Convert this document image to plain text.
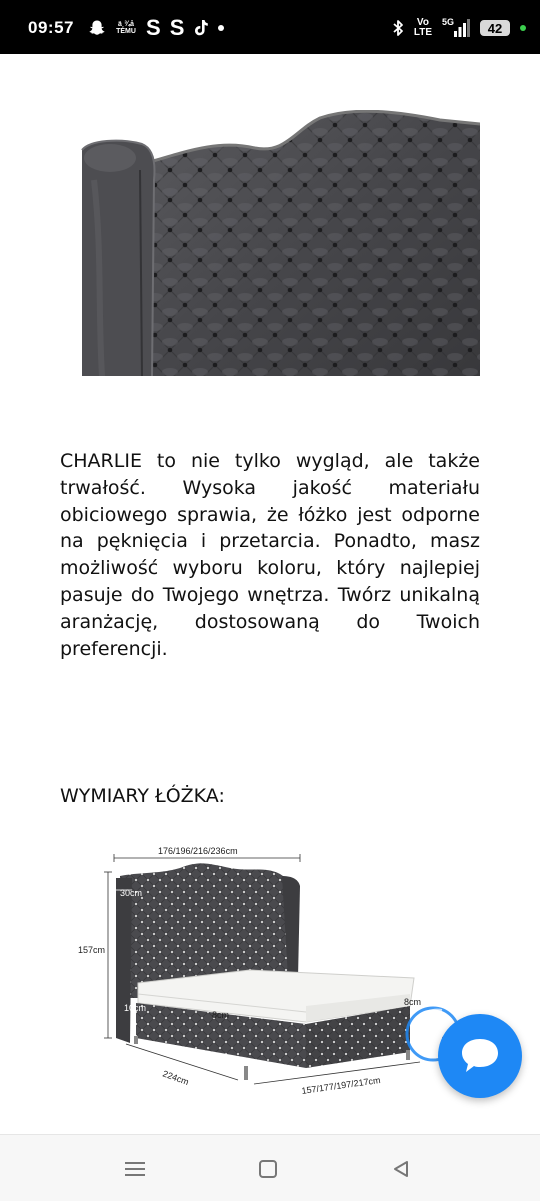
09:57	ä¸¾å
TEMU S S	Vo
LTE
5G	42

CHARLIE to nie tylko wygląd, ale także trwałość. Wysoka jakość materiału obiciowego sprawia, że łóżko jest odporne na pęknięcia i przetarcia. Ponadto, masz możliwość wyboru koloru, który najlepiej pasuje do Twojego wnętrza. Twórz unikalną aranżację, dostosowaną do Twoich preferencji.

WYMIARY ŁÓŻKA:
176/196/216/236cm
157cm
30cm
10cm
8cm
8cm
224cm	157/177/197/217cm
